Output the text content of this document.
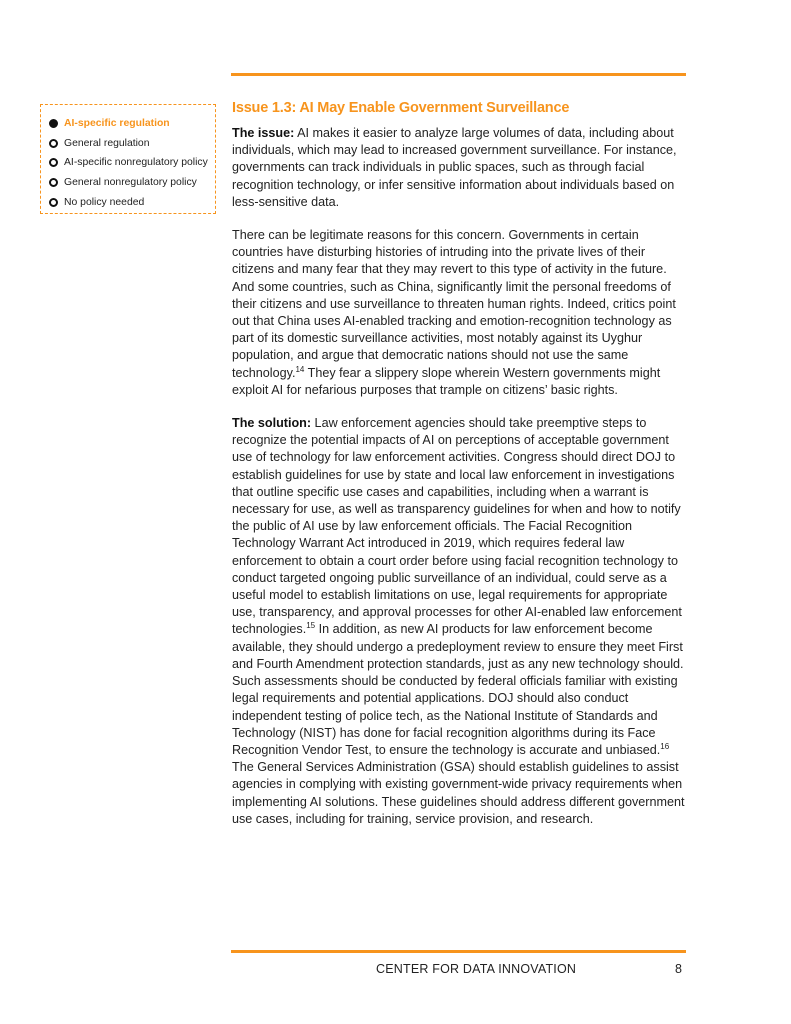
AI-specific regulation
General regulation
AI-specific nonregulatory policy
General nonregulatory policy
No policy needed
Issue 1.3: AI May Enable Government Surveillance

The issue: AI makes it easier to analyze large volumes of data, including about individuals, which may lead to increased government surveillance. For instance, governments can track individuals in public spaces, such as through facial recognition technology, or infer sensitive information about individuals based on less-sensitive data.

There can be legitimate reasons for this concern. Governments in certain countries have disturbing histories of intruding into the private lives of their citizens and many fear that they may revert to this type of activity in the future. And some countries, such as China, significantly limit the personal freedoms of their citizens and use surveillance to threaten human rights. Indeed, critics point out that China uses AI-enabled tracking and emotion-recognition technology as part of its domestic surveillance activities, most notably against its Uyghur population, and argue that democratic nations should not use the same technology.$^{14}$ They fear a slippery slope wherein Western governments might exploit AI for nefarious purposes that trample on citizens’ basic rights.

The solution: Law enforcement agencies should take preemptive steps to recognize the potential impacts of AI on perceptions of acceptable government use of technology for law enforcement activities. Congress should direct DOJ to establish guidelines for use by state and local law enforcement in investigations that outline specific use cases and capabilities, including when a warrant is necessary for use, as well as transparency guidelines for when and how to notify the public of AI use by law enforcement officials. The Facial Recognition Technology Warrant Act introduced in 2019, which requires federal law enforcement to obtain a court order before using facial recognition technology to conduct targeted ongoing public surveillance of an individual, could serve as a useful model to establish limitations on use, legal requirements for appropriate use, transparency, and approval processes for other AI-enabled law enforcement technologies.$^{15}$ In addition, as new AI products for law enforcement become available, they should undergo a predeployment review to ensure they meet First and Fourth Amendment protection standards, just as any new technology should. Such assessments should be conducted by federal officials familiar with existing legal requirements and potential applications. DOJ should also conduct independent testing of police tech, as the National Institute of Standards and Technology (NIST) has done for facial recognition algorithms during its Face Recognition Vendor Test, to ensure the technology is accurate and unbiased.$^{16}$ The General Services Administration (GSA) should establish guidelines to assist agencies in complying with existing government-wide privacy requirements when implementing AI solutions. These guidelines should address different government use cases, including for training, service provision, and research.

CENTER FOR DATA INNOVATION	8
